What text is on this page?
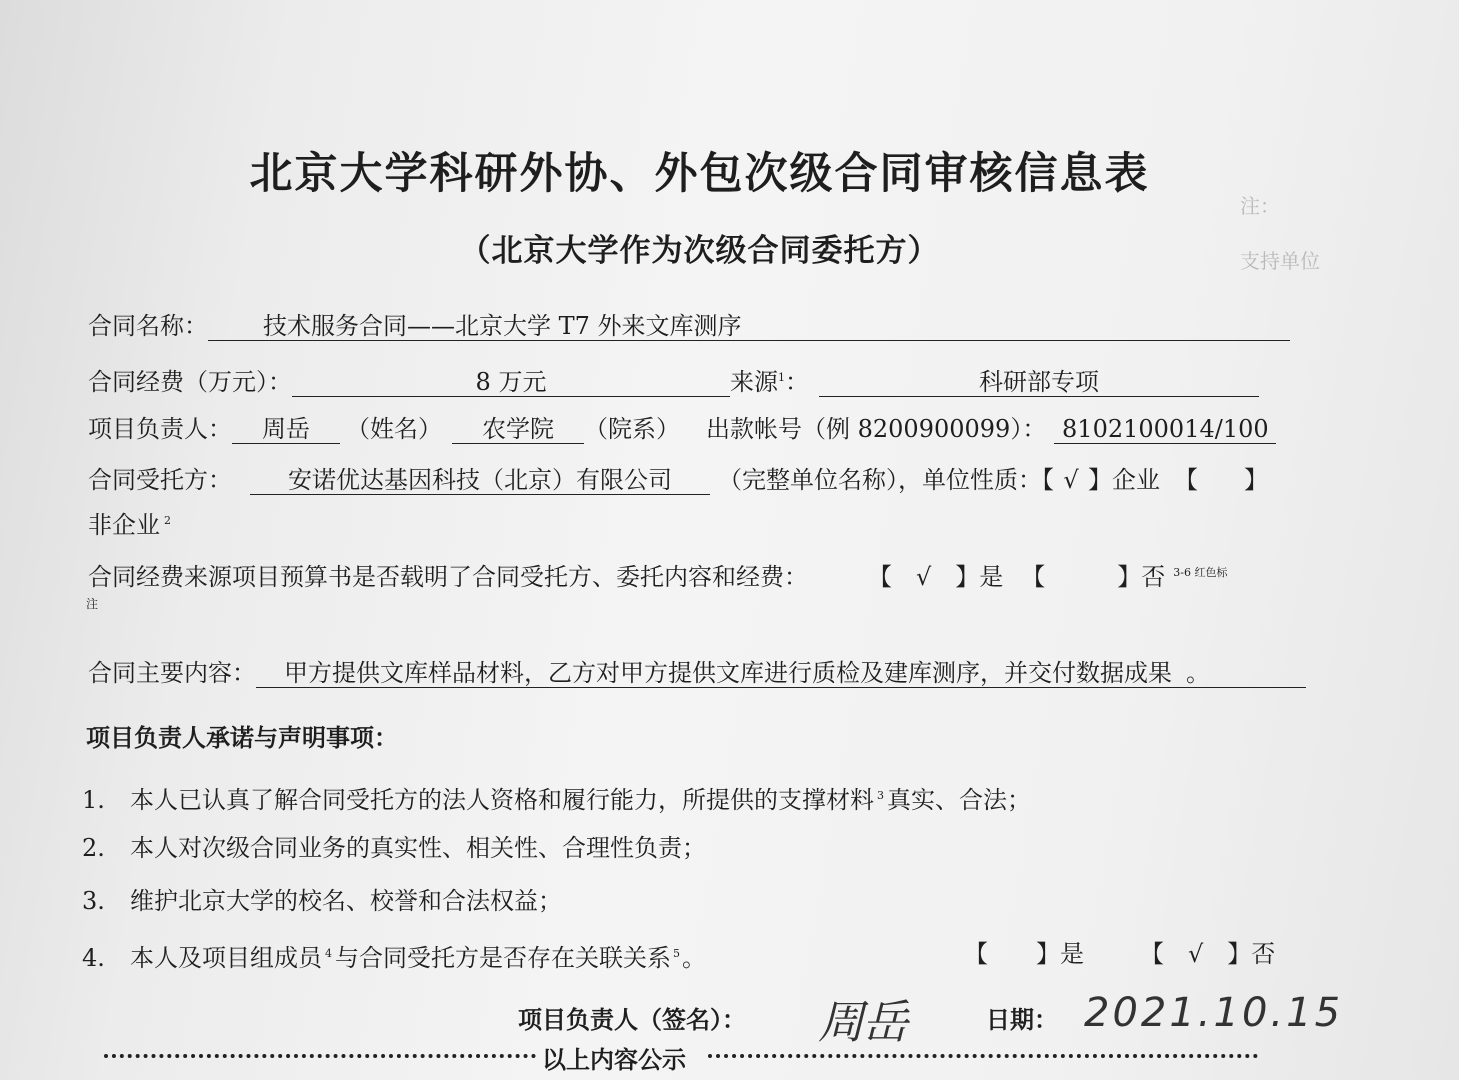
注：
支持单位
北京大学科研外协、外包次级合同审核信息表
（北京大学作为次级合同委托方）
合同名称： 技术服务合同——北京大学 T7 外来文库测序
合同经费（万元）：	8 万元	来源$^1$：	科研部专项
项目负责人： 周岳 （姓名） 农学院 （院系） 出款帐号（例 8200900099）： 8102100014/100
合同受托方： 安诺优达基因科技（北京）有限公司 （完整单位名称），单位性质：【 √ 】企业 【 】
非企业 $^2$
合同经费来源项目预算书是否载明了合同受托方、委托内容和经费：	【　√　】是 【　　　】否 $^{3-6 红色标}$
注
合同主要内容： 甲方提供文库样品材料，乙方对甲方提供文库进行质检及建库测序，并交付数据成果 。
项目负责人承诺与声明事项：
1. 本人已认真了解合同受托方的法人资格和履行能力，所提供的支撑材料 $^3$ 真实、合法；
2. 本人对次级合同业务的真实性、相关性、合理性负责；
3. 维护北京大学的校名、校誉和合法权益；
4. 本人及项目组成员 $^4$ 与合同受托方是否存在关联关系 $^5$。	【　　】是 【　√　】否
项目负责人（签名）： 周岳	日期： 2021.10.15
以上内容公示
